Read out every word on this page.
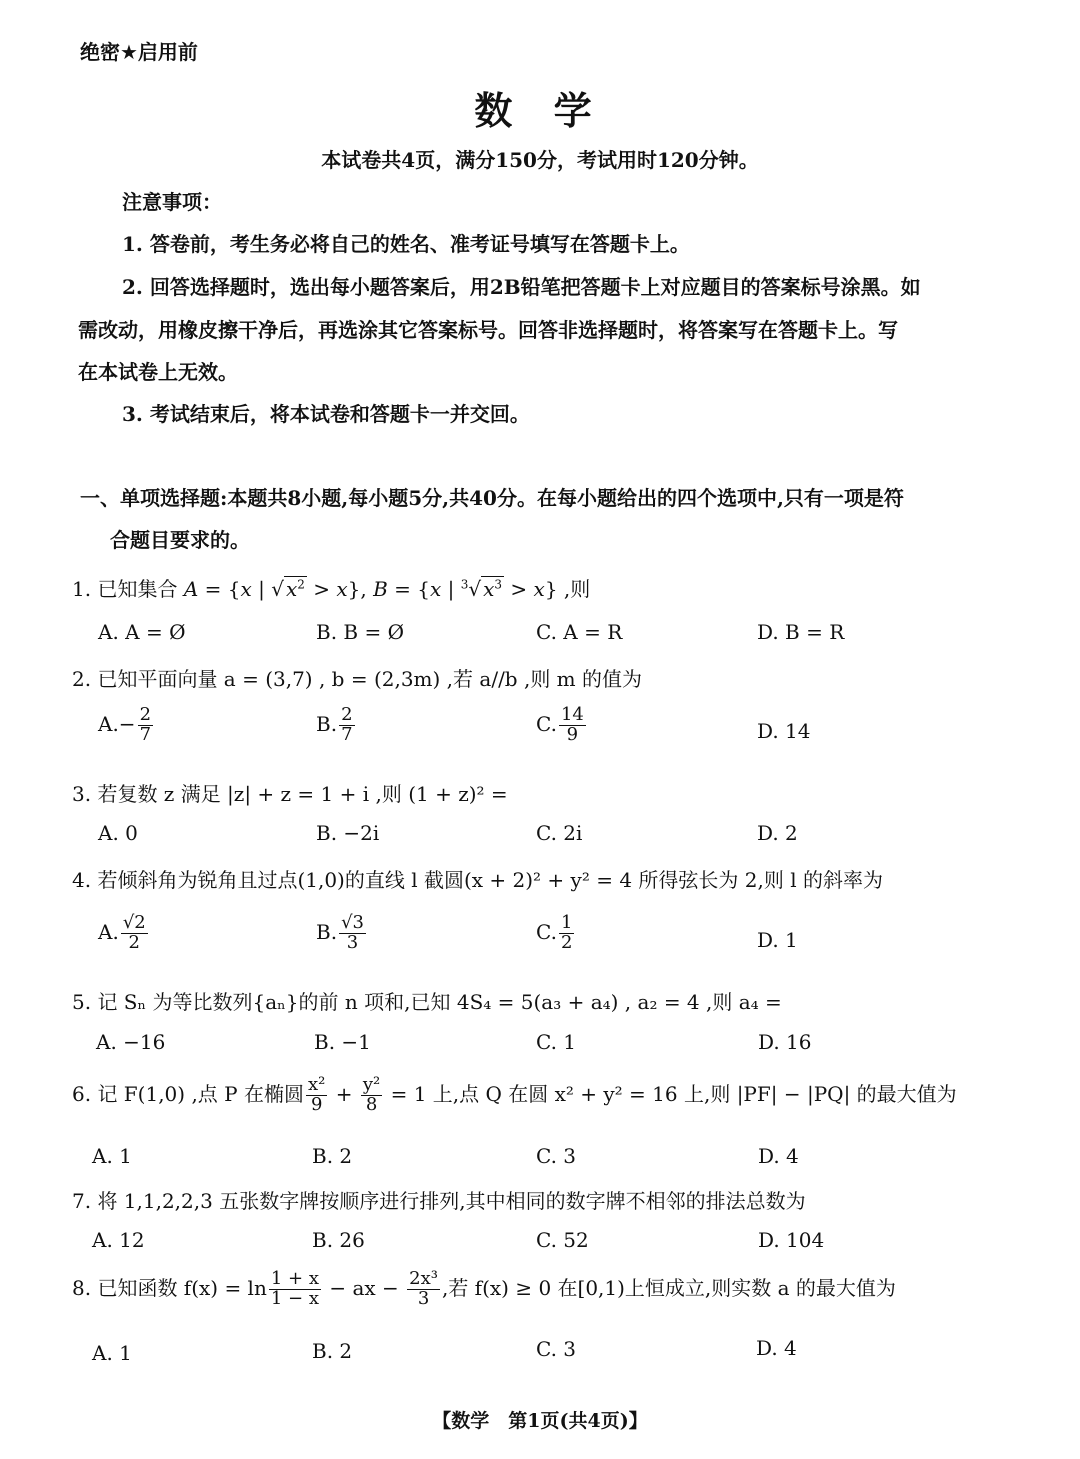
绝密★启用前
数 学
本试卷共4页，满分150分，考试用时120分钟。
注意事项：
1. 答卷前，考生务必将自己的姓名、准考证号填写在答题卡上。
2. 回答选择题时，选出每小题答案后，用2B铅笔把答题卡上对应题目的答案标号涂黑。如
需改动，用橡皮擦干净后，再选涂其它答案标号。回答非选择题时，将答案写在答题卡上。写
在本试卷上无效。
3. 考试结束后，将本试卷和答题卡一并交回。
一、单项选择题:本题共8小题,每小题5分,共40分。在每小题给出的四个选项中,只有一项是符
合题目要求的。
1. 已知集合 A = {x | √ $x^2 > x$}, B = {x | $^3$√ $x^3 > x$} ,则
A. A = Ø	B. B = Ø	C. A = R	D. B = R
2. 已知平面向量 a = (3,7) , b = (2,3m) ,若 a//b ,则 m 的值为
$A.- \frac{2}{7}$	B. $\frac{2}{7}$	C. $\frac{14}{9}$	D. 14
3. 若复数 z 满足 |z| + z = 1 + i ,则 (1 + z)² =
A. 0	B. −2i	C. 2i	D. 2
4. 若倾斜角为锐角且过点(1,0)的直线 l 截圆(x + 2)² + y² = 4 所得弦长为 2,则 l 的斜率为
A. $\frac{√2}{2}$	B. $\frac{√3}{3}$	C. $\frac{1}{2}$	D. 1
5. 记 Sₙ 为等比数列{aₙ}的前 n 项和,已知 4S₄ = 5(a₃ + a₄) , a₂ = 4 ,则 a₄ =
A. −16	B. −1	C. 1	D. 16
6. 记 F(1,0) ,点 P 在椭圆 $\frac{\text{x²}}{9} + \frac{\text{y²}}{8} = 1$ 上,点 Q 在圆 x² + y² = 16 上,则 |PF| − |PQ| 的最大值为
A. 1	B. 2	C. 3	D. 4
7. 将 1,1,2,2,3 五张数字牌按顺序进行排列,其中相同的数字牌不相邻的排法总数为
A. 12	B. 26	C. 52	D. 104
8. 已知函数 $f(x) = \ln \frac{1 + x}{1 - x}$ − ax − $\frac{\text{2x³}}{3}$ ,若 f(x) ≥ 0 在[0,1)上恒成立,则实数 a 的最大值为
A. 1	B. 2	C. 3	D. 4
【数学　第1页(共4页)】
